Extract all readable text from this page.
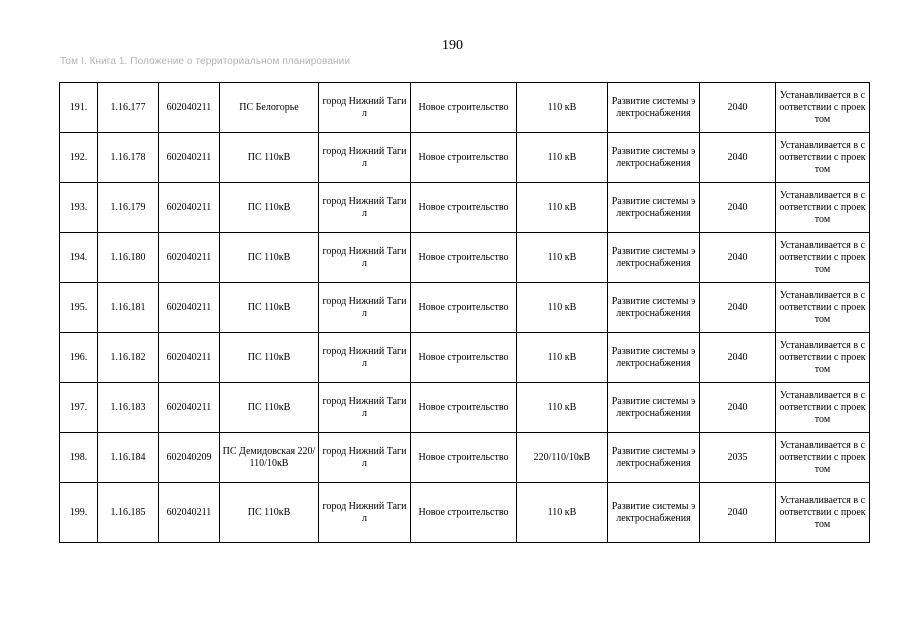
190
Том I. Книга 1. Положение о территориальном планировании
191.	1.16.177	602040211	ПС Белогорье	город Нижний Тагил	Новое строительство	110 кВ	Развитие системы электроснабжения	2040	Устанавливается в соответствии с проектом
192.	1.16.178	602040211	ПС 110кВ	город Нижний Тагил	Новое строительство	110 кВ	Развитие системы электроснабжения	2040	Устанавливается в соответствии с проектом
193.	1.16.179	602040211	ПС 110кВ	город Нижний Тагил	Новое строительство	110 кВ	Развитие системы электроснабжения	2040	Устанавливается в соответствии с проектом
194.	1.16.180	602040211	ПС 110кВ	город Нижний Тагил	Новое строительство	110 кВ	Развитие системы электроснабжения	2040	Устанавливается в соответствии с проектом
195.	1.16.181	602040211	ПС 110кВ	город Нижний Тагил	Новое строительство	110 кВ	Развитие системы электроснабжения	2040	Устанавливается в соответствии с проектом
196.	1.16.182	602040211	ПС 110кВ	город Нижний Тагил	Новое строительство	110 кВ	Развитие системы электроснабжения	2040	Устанавливается в соответствии с проектом
197.	1.16.183	602040211	ПС 110кВ	город Нижний Тагил	Новое строительство	110 кВ	Развитие системы электроснабжения	2040	Устанавливается в соответствии с проектом
198.	1.16.184	602040209	ПС Демидовская 220/110/10кВ	город Нижний Тагил	Новое строительство	220/110/10кВ	Развитие системы электроснабжения	2035	Устанавливается в соответствии с проектом
199.	1.16.185	602040211	ПС 110кВ	город Нижний Тагил	Новое строительство	110 кВ	Развитие системы электроснабжения	2040	Устанавливается в соответствии с проектом
